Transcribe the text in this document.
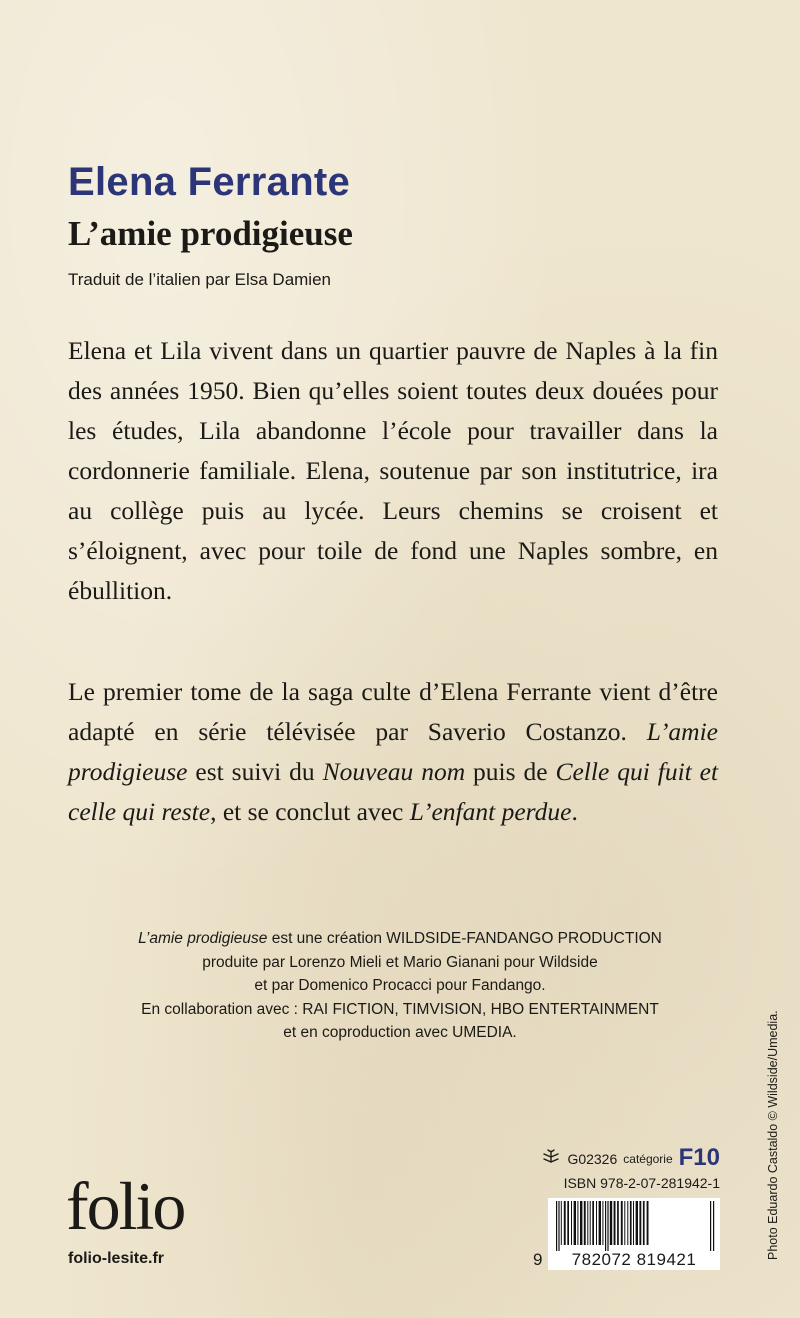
Elena Ferrante
L’amie prodigieuse

Traduit de l’italien par Elsa Damien

Elena et Lila vivent dans un quartier pauvre de Naples à la fin des années 1950. Bien qu’elles soient toutes deux douées pour les études, Lila abandonne l’école pour travailler dans la cordonnerie familiale. Elena, soutenue par son institutrice, ira au collège puis au lycée. Leurs chemins se croisent et s’éloignent, avec pour toile de fond une Naples sombre, en ébullition.

Le premier tome de la saga culte d’Elena Ferrante vient d’être adapté en série télévisée par Saverio Costanzo. L’amie prodigieuse est suivi du Nouveau nom puis de Celle qui fuit et celle qui reste, et se conclut avec L’enfant perdue.

L’amie prodigieuse est une création WILDSIDE-FANDANGO PRODUCTION
produite par Lorenzo Mieli et Mario Gianani pour Wildside
et par Domenico Procacci pour Fandango.
En collaboration avec : RAI FICTION, TIMVISION, HBO ENTERTAINMENT
et en coproduction avec UMEDIA.	Photo Eduardo Castaldo © Wildside/Umedia.

folio

folio-lesite.fr

G02326 catégorie F10

ISBN 978-2-07-281942-1

9	782072 819421
